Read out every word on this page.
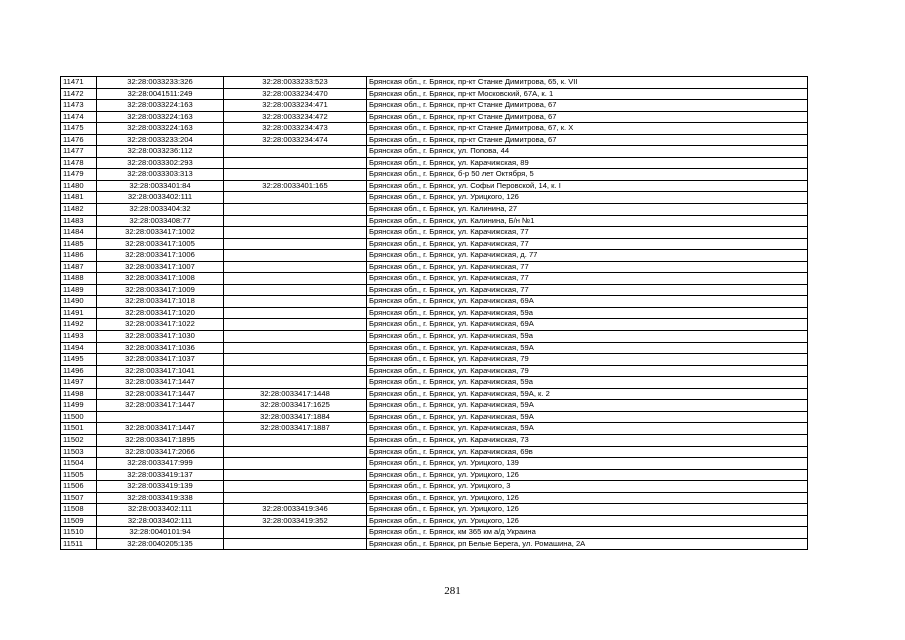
11471	32:28:0033233:326	32:28:0033233:523	Брянская обл., г. Брянск, пр-кт Станке Димитрова, 65, к. VII
11472	32:28:0041511:249	32:28:0033234:470	Брянская обл., г. Брянск, пр-кт Московский, 67А, к. 1
11473	32:28:0033224:163	32:28:0033234:471	Брянская обл., г. Брянск, пр-кт Станке Димитрова, 67
11474	32:28:0033224:163	32:28:0033234:472	Брянская обл., г. Брянск, пр-кт Станке Димитрова, 67
11475	32:28:0033224:163	32:28:0033234:473	Брянская обл., г. Брянск, пр-кт Станке Димитрова, 67, к. X
11476	32:28:0033233:204	32:28:0033234:474	Брянская обл., г. Брянск, пр-кт Станке Димитрова, 67
11477	32:28:0033236:112		Брянская обл., г. Брянск, ул. Попова, 44
11478	32:28:0033302:293		Брянская обл., г. Брянск, ул. Карачижская, 89
11479	32:28:0033303:313		Брянская обл., г. Брянск, б-р 50 лет Октября, 5
11480	32:28:0033401:84	32:28:0033401:165	Брянская обл., г. Брянск, ул. Софьи Перовской, 14, к. I
11481	32:28:0033402:111		Брянская обл., г. Брянск, ул. Урицкого, 126
11482	32:28:0033404:32		Брянская обл., г. Брянск, ул. Калинина, 27
11483	32:28:0033408:77		Брянская обл., г. Брянск, ул. Калинина, Б/н №1
11484	32:28:0033417:1002		Брянская обл., г. Брянск, ул. Карачижская, 77
11485	32:28:0033417:1005		Брянская обл., г. Брянск, ул. Карачижская, 77
11486	32:28:0033417:1006		Брянская обл., г. Брянск, ул. Карачижская, д. 77
11487	32:28:0033417:1007		Брянская обл., г. Брянск, ул. Карачижская, 77
11488	32:28:0033417:1008		Брянская обл., г. Брянск, ул. Карачижская, 77
11489	32:28:0033417:1009		Брянская обл., г. Брянск, ул. Карачижская, 77
11490	32:28:0033417:1018		Брянская обл., г. Брянск, ул. Карачижская, 69А
11491	32:28:0033417:1020		Брянская обл., г. Брянск, ул. Карачижская, 59а
11492	32:28:0033417:1022		Брянская обл., г. Брянск, ул. Карачижская, 69А
11493	32:28:0033417:1030		Брянская обл., г. Брянск, ул. Карачижская, 59а
11494	32:28:0033417:1036		Брянская обл., г. Брянск, ул. Карачижская, 59А
11495	32:28:0033417:1037		Брянская обл., г. Брянск, ул. Карачижская, 79
11496	32:28:0033417:1041		Брянская обл., г. Брянск, ул. Карачижская, 79
11497	32:28:0033417:1447		Брянская обл., г. Брянск, ул. Карачижская, 59а
11498	32:28:0033417:1447	32:28:0033417:1448	Брянская обл., г. Брянск, ул. Карачижская, 59А, к. 2
11499	32:28:0033417:1447	32:28:0033417:1625	Брянская обл., г. Брянск, ул. Карачижская, 59А
11500		32:28:0033417:1884	Брянская обл., г. Брянск, ул. Карачижская, 59А
11501	32:28:0033417:1447	32:28:0033417:1887	Брянская обл., г. Брянск, ул. Карачижская, 59А
11502	32:28:0033417:1895		Брянская обл., г. Брянск, ул. Карачижская, 73
11503	32:28:0033417:2066		Брянская обл., г. Брянск, ул. Карачижская, 69в
11504	32:28:0033417:999		Брянская обл., г. Брянск, ул. Урицкого, 139
11505	32:28:0033419:137		Брянская обл., г. Брянск, ул. Урицкого, 126
11506	32:28:0033419:139		Брянская обл., г. Брянск, ул. Урицкого, 3
11507	32:28:0033419:338		Брянская обл., г. Брянск, ул. Урицкого, 126
11508	32:28:0033402:111	32:28:0033419:346	Брянская обл., г. Брянск, ул. Урицкого, 126
11509	32:28:0033402:111	32:28:0033419:352	Брянская обл., г. Брянск, ул. Урицкого, 126
11510	32:28:0040101:94		Брянская обл., г. Брянск, км 365 км а/д Украина
11511	32:28:0040205:135		Брянская обл., г. Брянск, рп Белые Берега, ул. Ромашина, 2А
281
